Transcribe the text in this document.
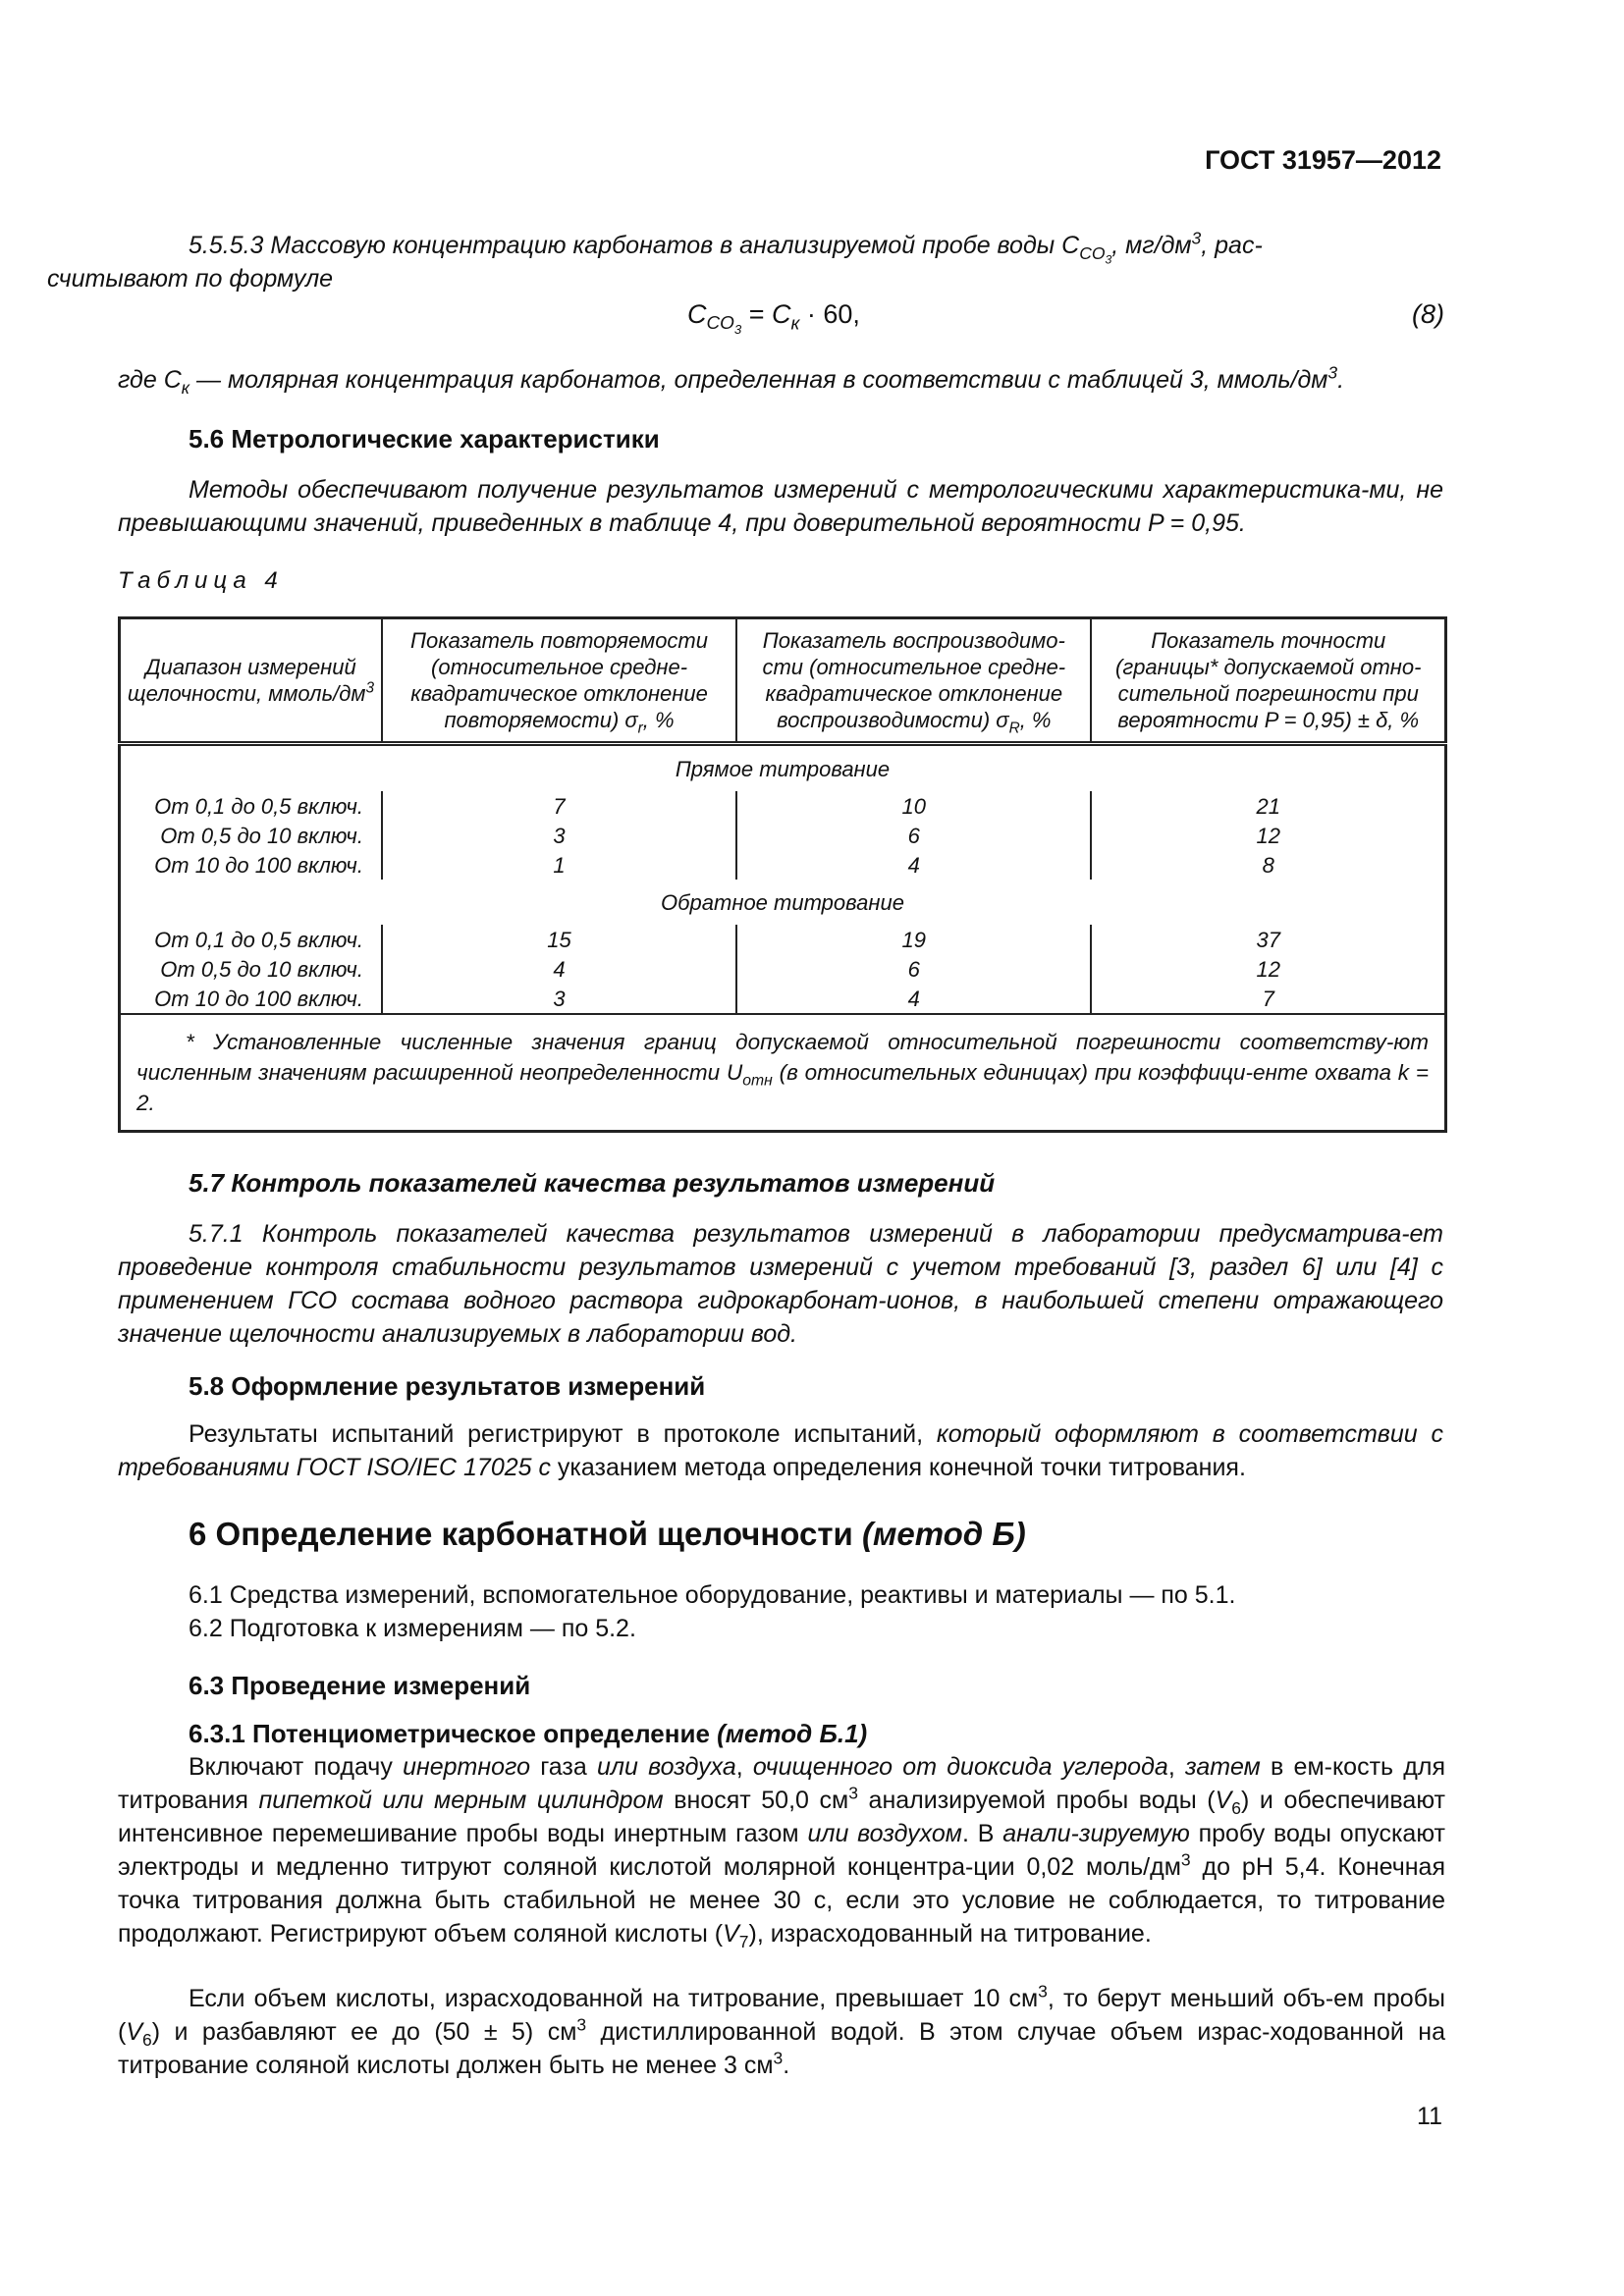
ГОСТ 31957—2012
5.5.5.3 Массовую концентрацию карбонатов в анализируемой пробе воды $C_{CO_3}$, $мг/дм^3$, рас-
считывают по формуле
$C_{CO_3} = C_к \cdot 60$,	(8)
где $C_к$ — молярная концентрация карбонатов, определенная в соответствии с таблицей 3, ммоль/$дм^3$.
5.6 Метрологические характеристики
Методы обеспечивают получение результатов измерений с метрологическими характеристика-ми, не превышающими значений, приведенных в таблице 4, при доверительной вероятности P = 0,95.
Таблица 4
Диапазон измерений щелочности, ммоль/$дм^3$	Показатель повторяемости (относительное средне-квадратическое отклонение повторяемости) $\sigma_r$, %	Показатель воспроизводимо-сти (относительное средне-квадратическое отклонение воспроизводимости) $\sigma_R$, %	Показатель точности (границы* допускаемой отно-сительной погрешности при вероятности P = 0,95) ± δ, %
Прямое титрование			
От 0,1 до 0,5 включ.	7	10	21
От 0,5 до 10 включ.	3	6	12
От 10 до 100 включ.	1	4	8
Обратное титрование			
От 0,1 до 0,5 включ.	15	19	37
От 0,5 до 10 включ.	4	6	12
От 10 до 100 включ.	3	4	7
* Установленные численные значения границ допускаемой относительной погрешности соответству-ют численным значениям расширенной неопределенности $U_{отн}$ (в относительных единицах) при коэффици-енте охвата k = 2.			
5.7 Контроль показателей качества результатов измерений
5.7.1 Контроль показателей качества результатов измерений в лаборатории предусматрива-ет проведение контроля стабильности результатов измерений с учетом требований [3, раздел 6] или [4] с применением ГСО состава водного раствора гидрокарбонат-ионов, в наибольшей степени отражающего значение щелочности анализируемых в лаборатории вод.
5.8 Оформление результатов измерений
Результаты испытаний регистрируют в протоколе испытаний, который оформляют в соответствии с требованиями ГОСТ ISO/IEC 17025 с указанием метода определения конечной точки титрования.
6 Определение карбонатной щелочности (метод Б)
6.1 Средства измерений, вспомогательное оборудование, реактивы и материалы — по 5.1.
6.2 Подготовка к измерениям — по 5.2.
6.3 Проведение измерений
6.3.1 Потенциометрическое определение (метод Б.1)
Включают подачу инертного газа или воздуха, очищенного от диоксида углерода, затем в ем-кость для титрования пипеткой или мерным цилиндром вносят 50,0 $см^3$ анализируемой пробы воды $(V_6)$ и обеспечивают интенсивное перемешивание пробы воды инертным газом или воздухом. В анали-зируемую пробу воды опускают электроды и медленно титруют соляной кислотой молярной концентра-ции 0,02 моль/$дм^3$ до pH 5,4. Конечная точка титрования должна быть стабильной не менее 30 с, если это условие не соблюдается, то титрование продолжают. Регистрируют объем соляной кислоты $(V_7)$, израсходованный на титрование.
Если объем кислоты, израсходованной на титрование, превышает 10 $см^3$, то берут меньший объ-ем пробы $(V_6)$ и разбавляют ее до (50 ± 5) $см^3$ дистиллированной водой. В этом случае объем израс-ходованной на титрование соляной кислоты должен быть не менее 3 $см^3$.
11
